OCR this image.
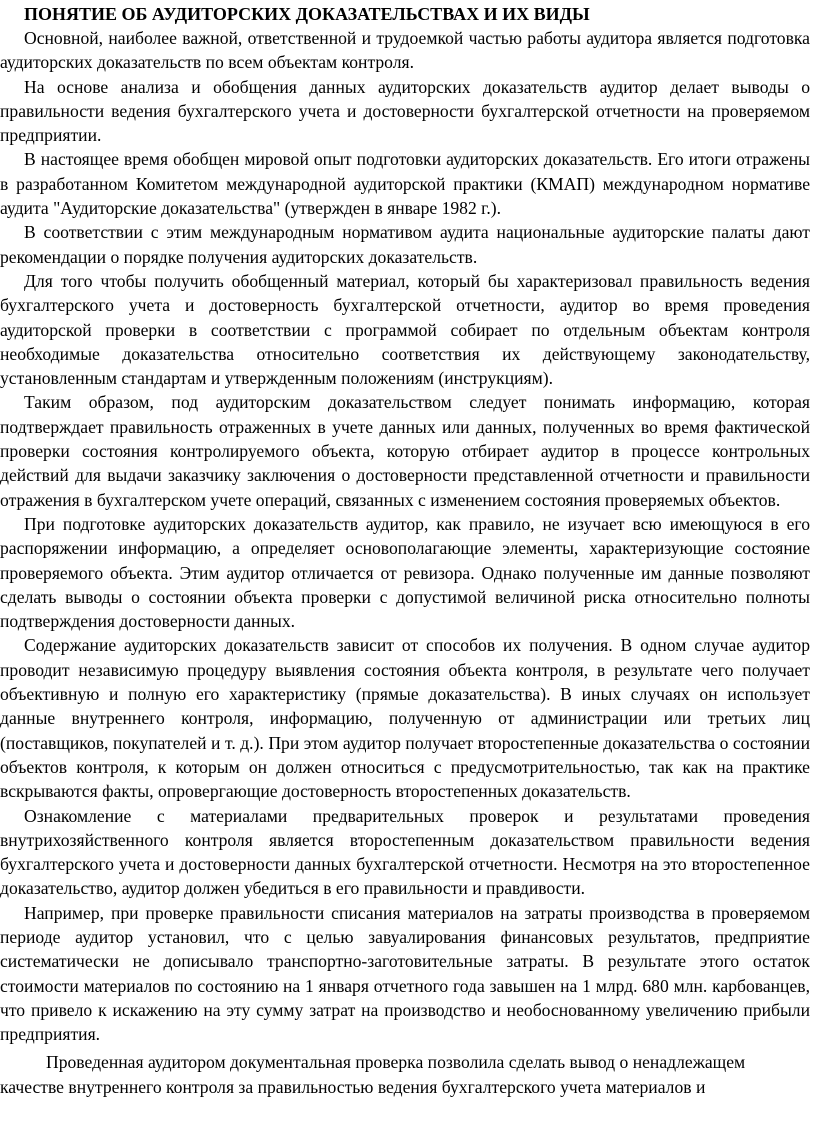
ПОНЯТИЕ ОБ АУДИТОРСКИХ ДОКАЗАТЕЛЬСТВАХ И ИХ ВИДЫ

Основной, наиболее важной, ответственной и трудоемкой частью работы аудитора является подготовка аудиторских доказательств по всем объектам контроля.

На основе анализа и обобщения данных аудиторских доказательств аудитор делает выводы о правильности ведения бухгалтерского учета и достоверности бухгалтерской отчетности на проверяемом предприятии.

В настоящее время обобщен мировой опыт подготовки аудиторских доказательств. Его итоги отражены в разработанном Комитетом международной аудиторской практики (КМАП) международном нормативе аудита "Аудиторские доказательства" (утвержден в январе 1982 г.).

В соответствии с этим международным нормативом аудита национальные аудиторские палаты дают рекомендации о порядке получения аудиторских доказательств.

Для того чтобы получить обобщенный материал, который бы характеризовал правильность ведения бухгалтерского учета и достоверность бухгалтерской отчетности, аудитор во время проведения аудиторской проверки в соответствии с программой собирает по отдельным объектам контроля необходимые доказательства относительно соответствия их действующему законодательству, установленным стандартам и утвержденным положениям (инструкциям).

Таким образом, под аудиторским доказательством следует понимать информацию, которая подтверждает правильность отраженных в учете данных или данных, полученных во время фактической проверки состояния контролируемого объекта, которую отбирает аудитор в процессе контрольных действий для выдачи заказчику заключения о достоверности представленной отчетности и правильности отражения в бухгалтерском учете операций, связанных с изменением состояния проверяемых объектов.

При подготовке аудиторских доказательств аудитор, как правило, не изучает всю имеющуюся в его распоряжении информацию, а определяет основополагающие элементы, характеризующие состояние проверяемого объекта. Этим аудитор отличается от ревизора. Однако полученные им данные позволяют сделать выводы о состоянии объекта проверки с допустимой величиной риска относительно полноты подтверждения достоверности данных.

Содержание аудиторских доказательств зависит от способов их получения. В одном случае аудитор проводит независимую процедуру выявления состояния объекта контроля, в результате чего получает объективную и полную его характеристику (прямые доказательства). В иных случаях он использует данные внутреннего контроля, информацию, полученную от администрации или третьих лиц (поставщиков, покупателей и т. д.). При этом аудитор получает второстепенные доказательства о состоянии объектов контроля, к которым он должен относиться с предусмотрительностью, так как на практике вскрываются факты, опровергающие достоверность второстепенных доказательств.

Ознакомление с материалами предварительных проверок и результатами проведения внутрихозяйственного контроля является второстепенным доказательством правильности ведения бухгалтерского учета и достоверности данных бухгалтерской отчетности. Несмотря на это второстепенное доказательство, аудитор должен убедиться в его правильности и правдивости.

Например, при проверке правильности списания материалов на затраты производства в проверяемом периоде аудитор установил, что с целью завуалирования финансовых результатов, предприятие систематически не дописывало транспортно-заготовительные затраты. В результате этого остаток стоимости материалов по состоянию на 1 января отчетного года завышен на 1 млрд. 680 млн. карбованцев, что привело к искажению на эту сумму затрат на производство и необоснованному увеличению прибыли предприятия.

Проведенная аудитором документальная проверка позволила сделать вывод о ненадлежащем качестве внутреннего контроля за правильностью ведения бухгалтерского учета материалов и
